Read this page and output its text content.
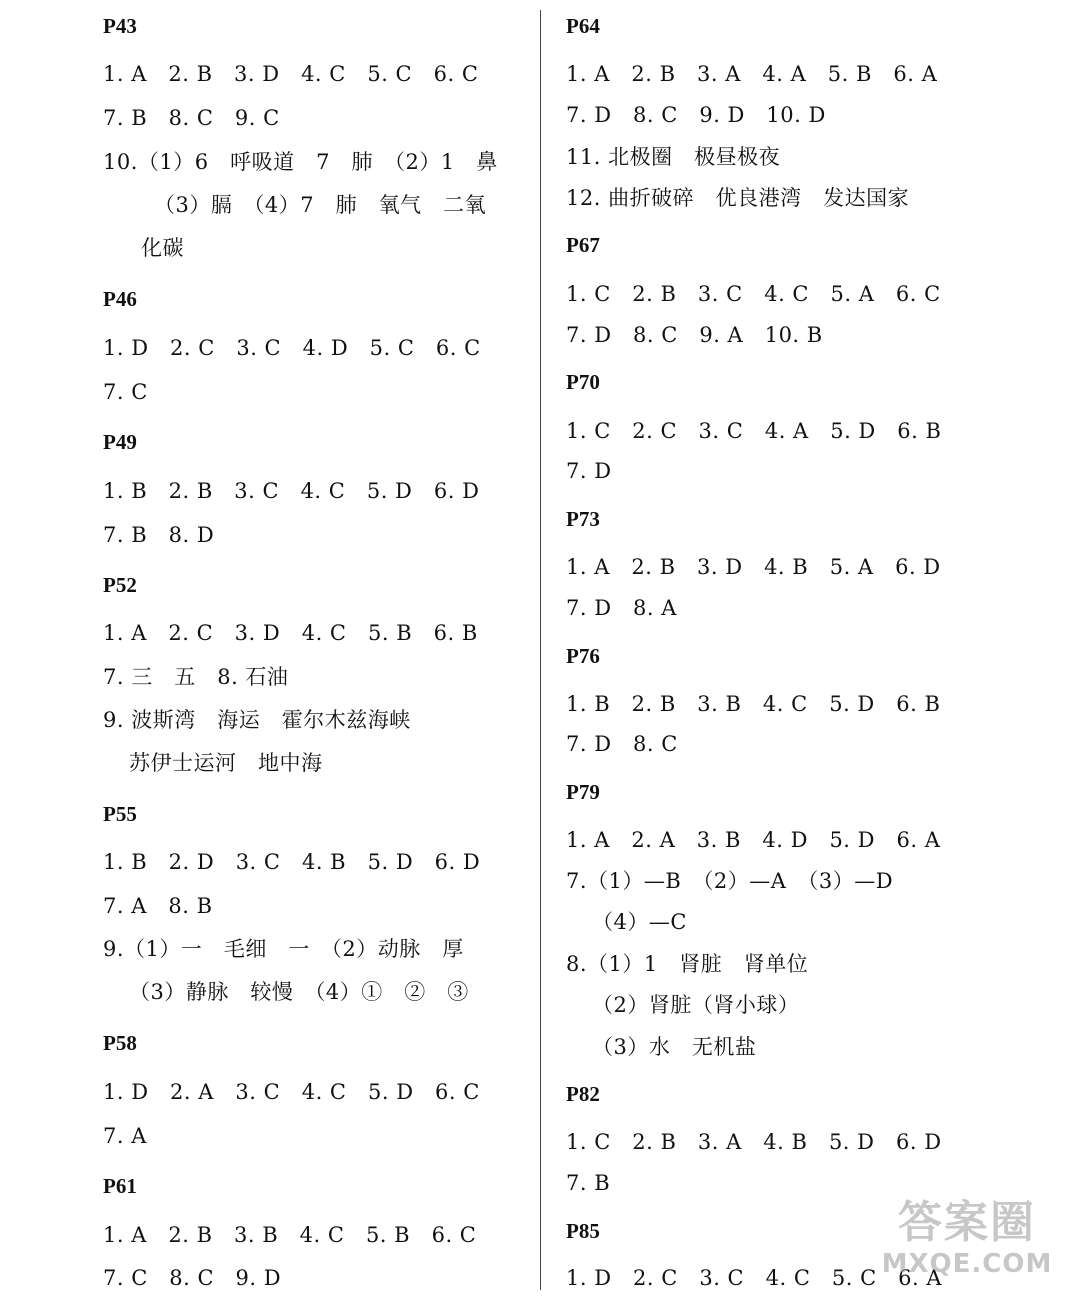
P43
1. A　2. B　3. D　4. C　5. C　6. C
7. B　8. C　9. C
10.（1）6　呼吸道　7　肺　（2）1　鼻
　（3）膈　（4）7　肺　氧气　二氧
化碳
P46
1. D　2. C　3. C　4. D　5. C　6. C
7. C
P49
1. B　2. B　3. C　4. C　5. D　6. D
7. B　8. D
P52
1. A　2. C　3. D　4. C　5. B　6. B
7. 三　五　8. 石油
9. 波斯湾　海运　霍尔木兹海峡
苏伊士运河　地中海
P55
1. B　2. D　3. C　4. B　5. D　6. D
7. A　8. B
9.（1）一　毛细　一　（2）动脉　厚
（3）静脉　较慢　（4）①　②　③
P58
1. D　2. A　3. C　4. C　5. D　6. C
7. A
P61
1. A　2. B　3. B　4. C　5. B　6. C
7. C　8. C　9. D
P64
1. A　2. B　3. A　4. A　5. B　6. A
7. D　8. C　9. D　10. D
11. 北极圈　极昼极夜
12. 曲折破碎　优良港湾　发达国家
P67
1. C　2. B　3. C　4. C　5. A　6. C
7. D　8. C　9. A　10. B
P70
1. C　2. C　3. C　4. A　5. D　6. B
7. D
P73
1. A　2. B　3. D　4. B　5. A　6. D
7. D　8. A
P76
1. B　2. B　3. B　4. C　5. D　6. B
7. D　8. C
P79
1. A　2. A　3. B　4. D　5. D　6. A
7.（1）—B　（2）—A　（3）—D
（4）—C
8.（1）1　肾脏　肾单位
（2）肾脏（肾小球）
（3）水　无机盐
P82
1. C　2. B　3. A　4. B　5. D　6. D
7. B
P85
1. D　2. C　3. C　4. C　5. C　6. A
答案圈
MXQE.COM
